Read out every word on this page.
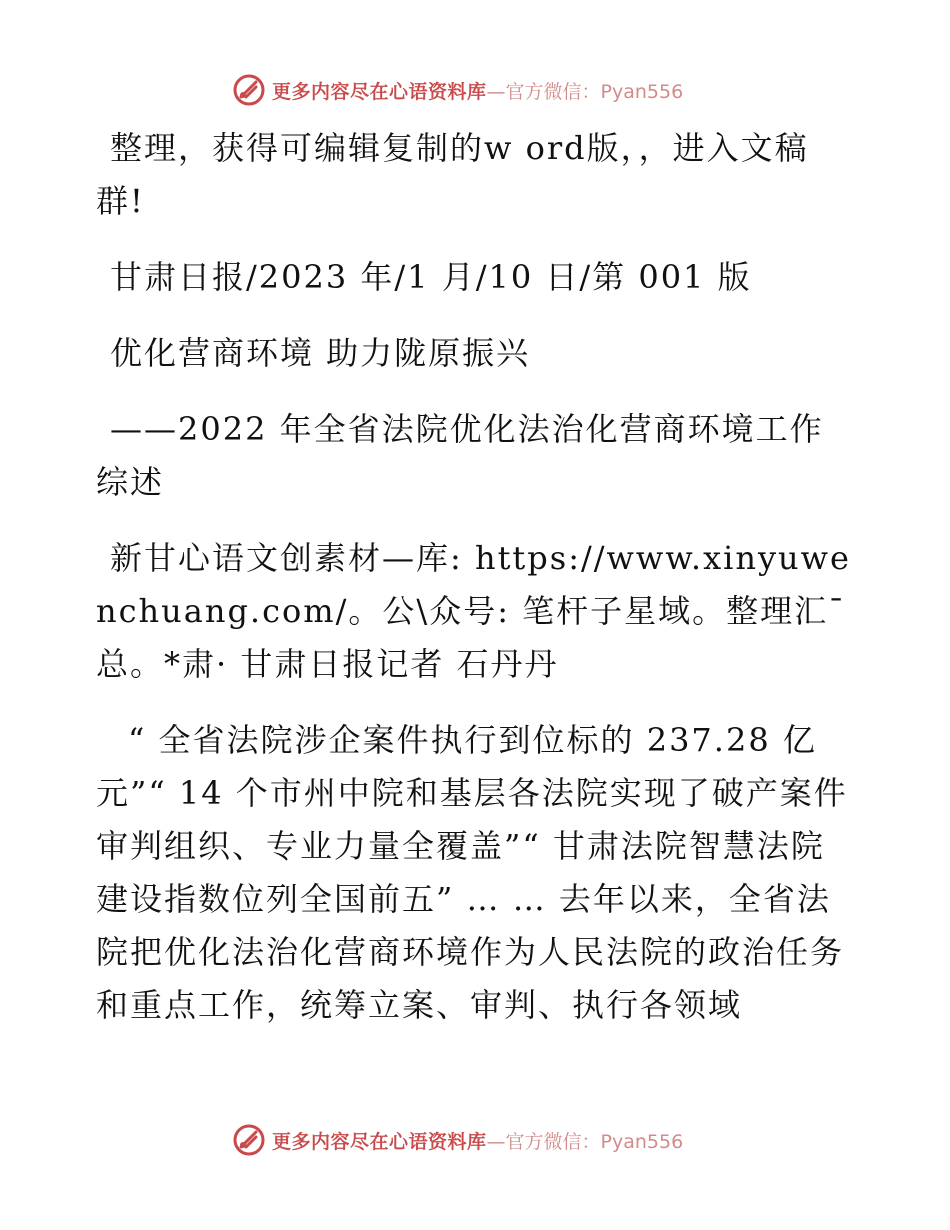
更多内容尽在心语资料库 —官方微信：Pyan556

整理，获得可编辑复制的w ord版，，进入文稿群!

甘肃日报/2023 年/1 月/10 日/第 001 版

优化营商环境 助力陇原振兴

——2022 年全省法院优化法治化营商环境工作综述

新甘心语文创素材—库: https://www.xinyuwenchuang.com/。公\众号: 笔杆子星域。整理汇¯总。*肃· 甘肃日报记者 石丹丹

“ 全省法院涉企案件执行到位标的 237.28 亿元”“ 14 个市州中院和基层各法院实现了破产案件审判组织、专业力量全覆盖”“ 甘肃法院智慧法院建设指数位列全国前五” … … 去年以来，全省法院把优化法治化营商环境作为人民法院的政治任务和重点工作，统筹立案、审判、执行各领域

更多内容尽在心语资料库 —官方微信：Pyan556
